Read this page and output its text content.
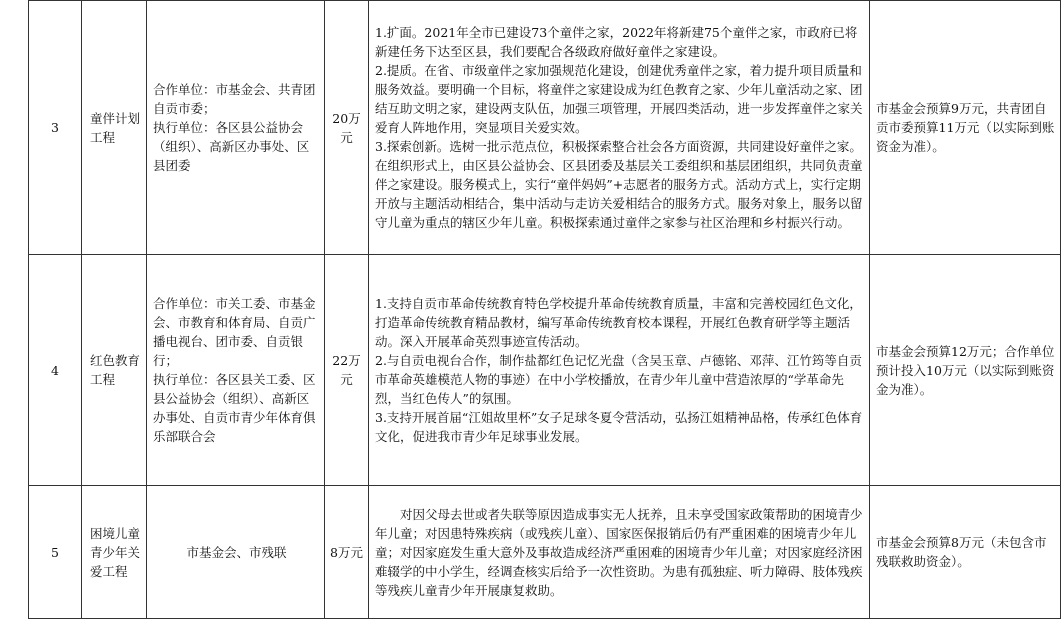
3	童伴计划工程	合作单位：市基金会、共青团自贡市委；
执行单位：各区县公益协会（组织）、高新区办事处、区县团委	20万元	1.扩面。2021年全市已建设73个童伴之家，2022年将新建75个童伴之家，市政府已将新建任务下达至区县，我们要配合各级政府做好童伴之家建设。
2.提质。在省、市级童伴之家加强规范化建设，创建优秀童伴之家，着力提升项目质量和服务效益。要明确一个目标，将童伴之家建设成为红色教育之家、少年儿童活动之家、团结互助文明之家，建设两支队伍，加强三项管理，开展四类活动，进一步发挥童伴之家关爱育人阵地作用，突显项目关爱实效。
3.探索创新。选树一批示范点位，积极探索整合社会各方面资源，共同建设好童伴之家。在组织形式上，由区县公益协会、区县团委及基层关工委组织和基层团组织，共同负责童伴之家建设。服务模式上，实行“童伴妈妈”+志愿者的服务方式。活动方式上，实行定期开放与主题活动相结合，集中活动与走访关爱相结合的服务方式。服务对象上，服务以留守儿童为重点的辖区少年儿童。积极探索通过童伴之家参与社区治理和乡村振兴行动。	市基金会预算9万元，共青团自贡市委预算11万元（以实际到账资金为准）。
4	红色教育工程	合作单位：市关工委、市基金会、市教育和体育局、自贡广播电视台、团市委、自贡银行；
执行单位：各区县关工委、区县公益协会（组织）、高新区办事处、自贡市青少年体育俱乐部联合会	22万元	1.支持自贡市革命传统教育特色学校提升革命传统教育质量，丰富和完善校园红色文化，打造革命传统教育精品教材，编写革命传统教育校本课程，开展红色教育研学等主题活动。深入开展革命英烈事迹宣传活动。
2.与自贡电视台合作，制作盐都红色记忆光盘（含吴玉章、卢德铭、邓萍、江竹筠等自贡市革命英雄模范人物的事迹）在中小学校播放，在青少年儿童中营造浓厚的“学革命先烈，当红色传人”的氛围。
3.支持开展首届“江姐故里杯”女子足球冬夏令营活动，弘扬江姐精神品格，传承红色体育文化，促进我市青少年足球事业发展。	市基金会预算12万元；合作单位预计投入10万元（以实际到账资金为准）。
5	困境儿童青少年关爱工程	市基金会、市残联	8万元	对因父母去世或者失联等原因造成事实无人抚养，且未享受国家政策帮助的困境青少年儿童；对因患特殊疾病（或残疾儿童）、国家医保报销后仍有严重困难的困境青少年儿童；对因家庭发生重大意外及事故造成经济严重困难的困境青少年儿童；对因家庭经济困难辍学的中小学生，经调查核实后给予一次性资助。为患有孤独症、听力障碍、肢体残疾等残疾儿童青少年开展康复救助。	市基金会预算8万元（未包含市残联救助资金）。
